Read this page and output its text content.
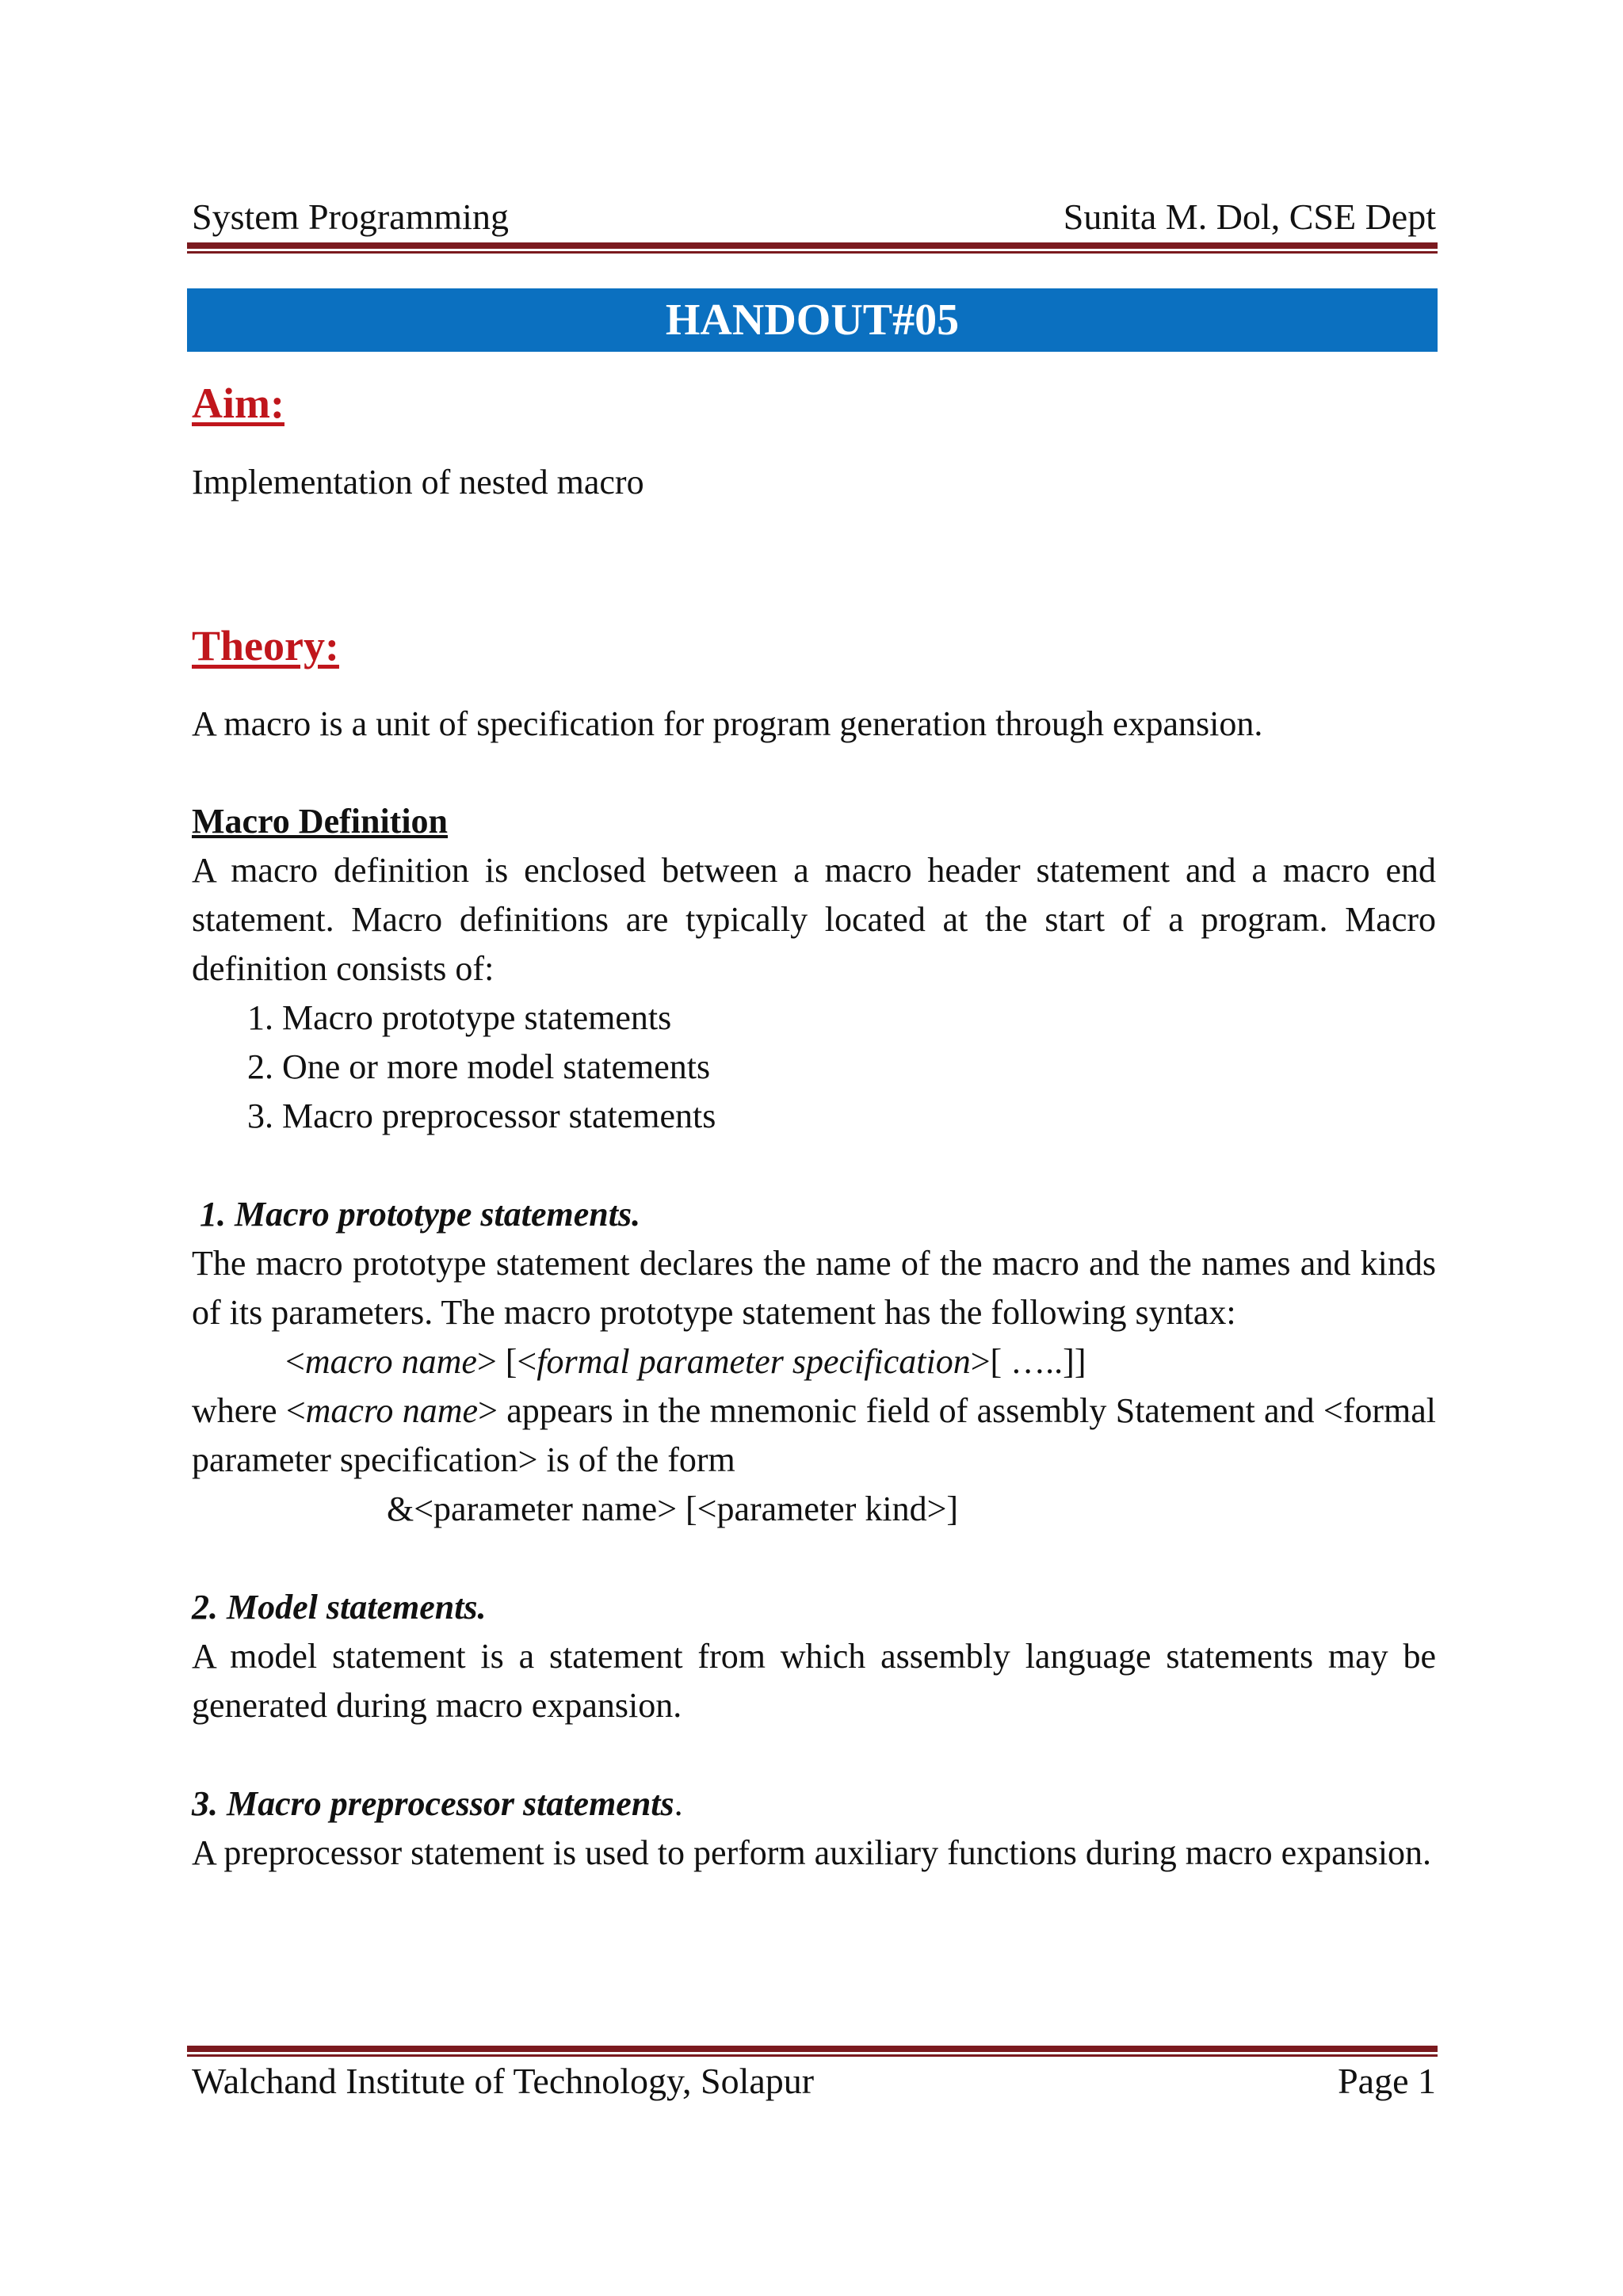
System Programming	Sunita M. Dol, CSE Dept
HANDOUT#05
Aim:
Implementation of nested macro
Theory:
A macro is a unit of specification for program generation through expansion.
Macro Definition
A macro definition is enclosed between a macro header statement and a macro end statement. Macro definitions are typically located at the start of a program. Macro definition consists of:
1. Macro prototype statements
2. One or more model statements
3. Macro preprocessor statements
1. Macro prototype statements.
The macro prototype statement declares the name of the macro and the names and kinds of its parameters. The macro prototype statement has the following syntax:
<macro name> [<formal parameter specification>[ …..]]
where <macro name> appears in the mnemonic field of assembly Statement and <formal parameter specification> is of the form
&<parameter name> [<parameter kind>]
2. Model statements.
A model statement is a statement from which assembly language statements may be generated during macro expansion.
3. Macro preprocessor statements.
A preprocessor statement is used to perform auxiliary functions during macro expansion.
Walchand Institute of Technology, Solapur	Page 1
